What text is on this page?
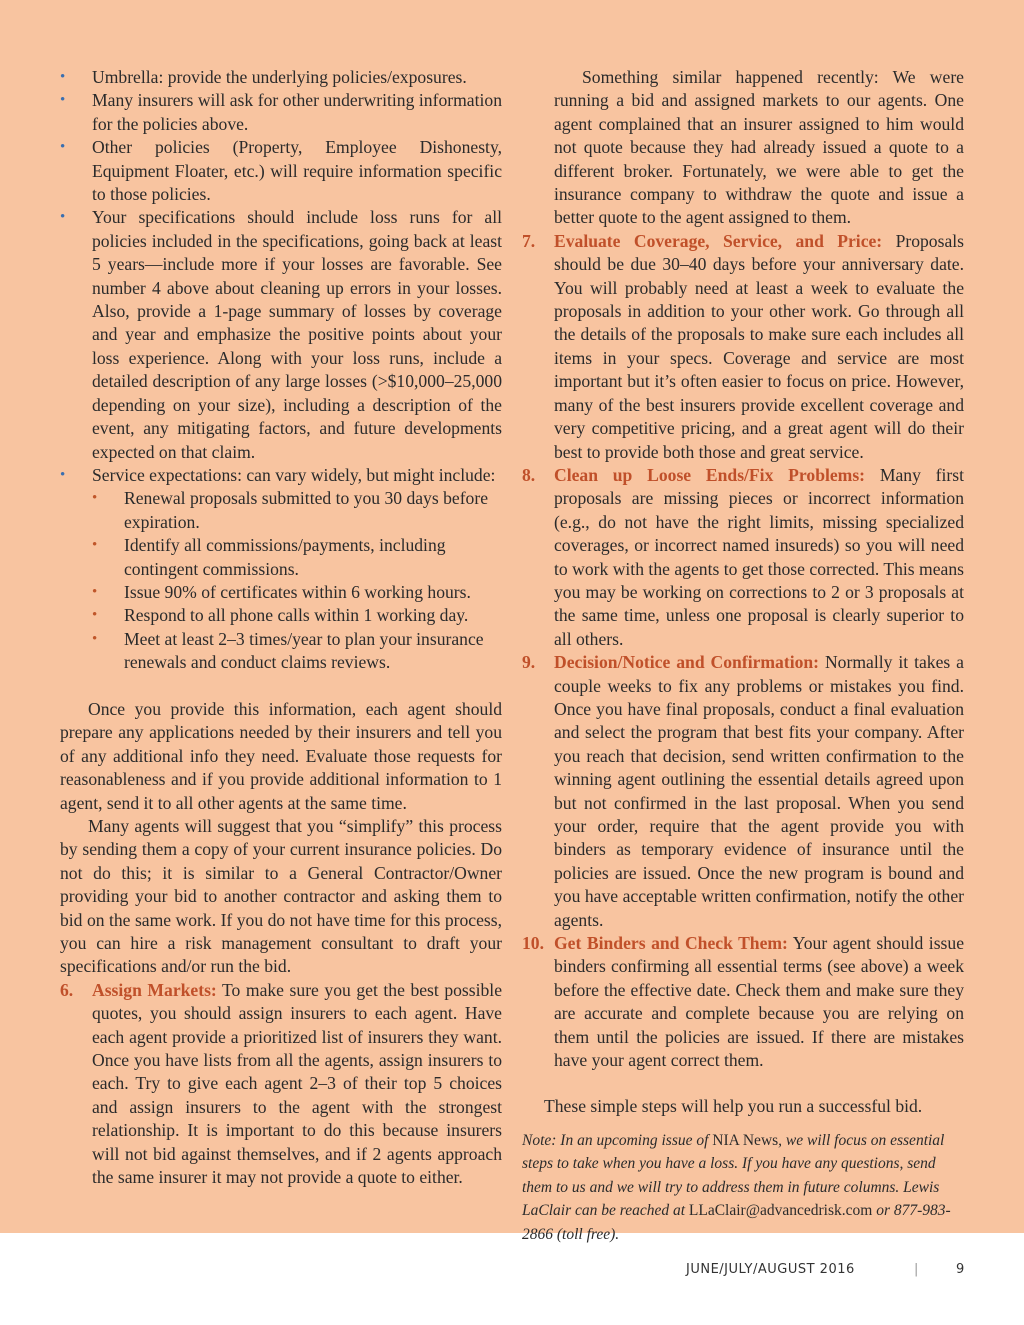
• Umbrella: provide the underlying policies/exposures.
• Many insurers will ask for other underwriting information for the policies above.
• Other policies (Property, Employee Dishonesty, Equipment Floater, etc.) will require information specific to those policies.
• Your specifications should include loss runs for all policies included in the specifications, going back at least 5 years—include more if your losses are favorable. See number 4 above about cleaning up errors in your losses. Also, provide a 1-page summary of losses by coverage and year and emphasize the positive points about your loss experience. Along with your loss runs, include a detailed description of any large losses (>$10,000–25,000 depending on your size), including a description of the event, any mitigating factors, and future developments expected on that claim.
• Service expectations: can vary widely, but might include:
• Renewal proposals submitted to you 30 days before expiration.
• Identify all commissions/payments, including contingent commissions.
• Issue 90% of certificates within 6 working hours.
• Respond to all phone calls within 1 working day.
• Meet at least 2–3 times/year to plan your insurance renewals and conduct claims reviews.

Once you provide this information, each agent should prepare any applications needed by their insurers and tell you of any additional info they need. Evaluate those requests for reasonableness and if you provide additional information to 1 agent, send it to all other agents at the same time.

Many agents will suggest that you “simplify” this process by sending them a copy of your current insurance policies. Do not do this; it is similar to a General Contractor/Owner providing your bid to another contractor and asking them to bid on the same work. If you do not have time for this process, you can hire a risk management consultant to draft your specifications and/or run the bid.

6. Assign Markets: To make sure you get the best possible quotes, you should assign insurers to each agent. Have each agent provide a prioritized list of insurers they want. Once you have lists from all the agents, assign insurers to each. Try to give each agent 2–3 of their top 5 choices and assign insurers to the agent with the strongest relationship. It is important to do this because insurers will not bid against themselves, and if 2 agents approach the same insurer it may not provide a quote to either.

Something similar happened recently: We were running a bid and assigned markets to our agents. One agent complained that an insurer assigned to him would not quote because they had already issued a quote to a different broker. Fortunately, we were able to get the insurance company to withdraw the quote and issue a better quote to the agent assigned to them.

7. Evaluate Coverage, Service, and Price: Proposals should be due 30–40 days before your anniversary date. You will probably need at least a week to evaluate the proposals in addition to your other work. Go through all the details of the proposals to make sure each includes all items in your specs. Coverage and service are most important but it’s often easier to focus on price. However, many of the best insurers provide excellent coverage and very competitive pricing, and a great agent will do their best to provide both those and great service.
8. Clean up Loose Ends/Fix Problems: Many first proposals are missing pieces or incorrect information (e.g., do not have the right limits, missing specialized coverages, or incorrect named insureds) so you will need to work with the agents to get those corrected. This means you may be working on corrections to 2 or 3 proposals at the same time, unless one proposal is clearly superior to all others.
9. Decision/Notice and Confirmation: Normally it takes a couple weeks to fix any problems or mistakes you find. Once you have final proposals, conduct a final evaluation and select the program that best fits your company. After you reach that decision, send written confirmation to the winning agent outlining the essential details agreed upon but not confirmed in the last proposal. When you send your order, require that the agent provide you with binders as temporary evidence of insurance until the policies are issued. Once the new program is bound and you have acceptable written confirmation, notify the other agents.
10. Get Binders and Check Them: Your agent should issue binders confirming all essential terms (see above) a week before the effective date. Check them and make sure they are accurate and complete because you are relying on them until the policies are issued. If there are mistakes have your agent correct them.

These simple steps will help you run a successful bid.

Note: In an upcoming issue of NIA News, we will focus on essential steps to take when you have a loss. If you have any questions, send them to us and we will try to address them in future columns. Lewis LaClair can be reached at LLaClair@advancedrisk.com or 877-983-2866 (toll free).

JUNE/JULY/AUGUST 2016	|	9
